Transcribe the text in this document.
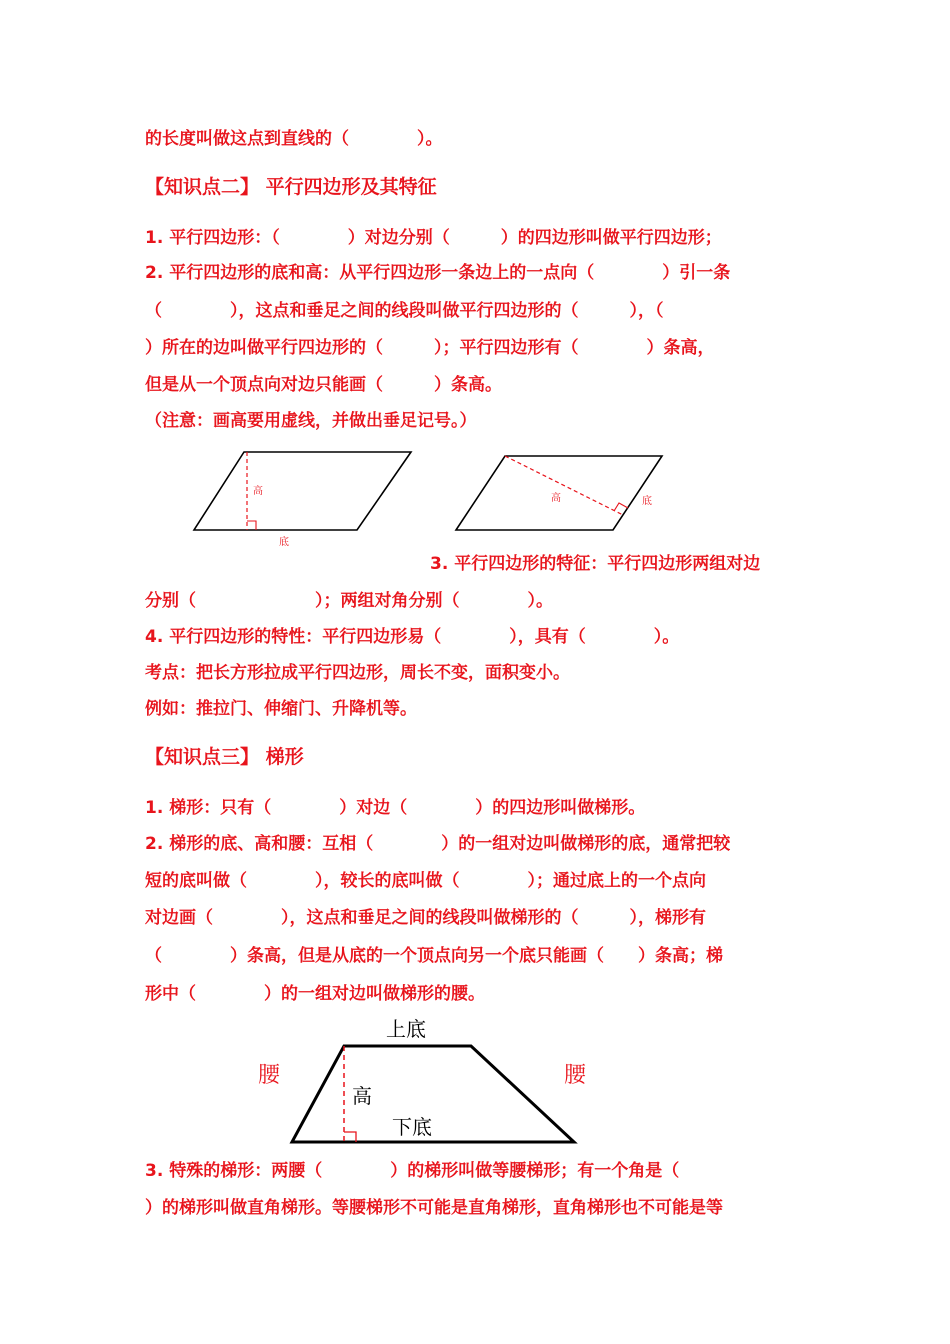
的长度叫做这点到直线的（　　　　）。
【知识点二】 平行四边形及其特征
1. 平行四边形：（　　　　）对边分别（　　　）的四边形叫做平行四边形；
2. 平行四边形的底和高：从平行四边形一条边上的一点向（　　　　）引一条
（　　　　），这点和垂足之间的线段叫做平行四边形的（　　　），（
）所在的边叫做平行四边形的（　　　）；平行四边形有（　　　　）条高，
但是从一个顶点向对边只能画（　　　）条高。
（注意：画高要用虚线，并做出垂足记号。）
高
底
高	底
3. 平行四边形的特征：平行四边形两组对边
分别（　　　　　　　）；两组对角分别（　　　　）。
4. 平行四边形的特性：平行四边形易（　　　　），具有（　　　　）。
考点：把长方形拉成平行四边形，周长不变，面积变小。
例如：推拉门、伸缩门、升降机等。
【知识点三】 梯形
1. 梯形：只有（　　　　）对边（　　　　）的四边形叫做梯形。
2. 梯形的底、高和腰：互相（　　　　）的一组对边叫做梯形的底，通常把较
短的底叫做（　　　　），较长的底叫做（　　　　）；通过底上的一个点向
对边画（　　　　），这点和垂足之间的线段叫做梯形的（　　　），梯形有
（　　　　）条高，但是从底的一个顶点向另一个底只能画（　　）条高；梯
形中（　　　　）的一组对边叫做梯形的腰。
上底
高
下底
腰	腰
3. 特殊的梯形：两腰（　　　　）的梯形叫做等腰梯形；有一个角是（
）的梯形叫做直角梯形。等腰梯形不可能是直角梯形，直角梯形也不可能是等
